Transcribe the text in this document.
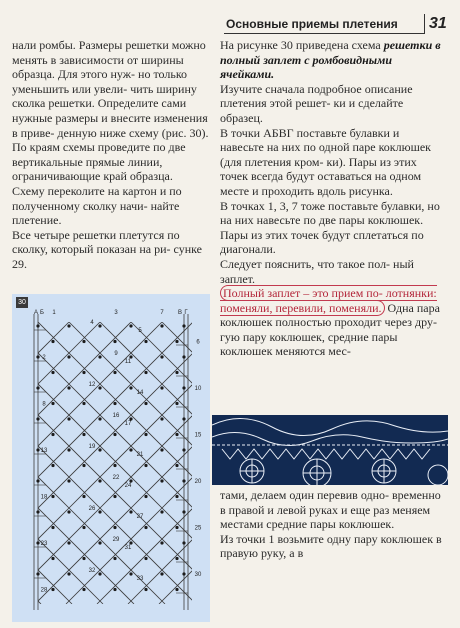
Основные приемы плетения	31

нали ромбы. Размеры решетки можно менять в зависимости от ширины образца. Для этого нуж- но только уменьшить или увели- чить ширину сколка решетки. Определите сами нужные размеры и внесите изменения в приве- денную ниже схему (рис. 30).

По краям схемы проведите по две вертикальные прямые линии, ограничивающие край образца.

Схему переколите на картон и по полученному сколку начи- найте плетение.

Все четыре решетки плетутся по сколку, который показан на ри- сунке 29.

На рисунке 30 приведена схема решетки в полный заплет с ромбовидными ячейками.

Изучите сначала подробное описание плетения этой решет- ки и сделайте образец.

В точки АБВГ поставьте булавки и навесьте на них по одной паре коклюшек (для плетения кром- ки). Пары из этих точек всегда будут оставаться на одном месте и проходить вдоль рисунка.

В точках 1, 3, 7 тоже поставьте булавки, но на них навесьте по две пары коклюшек. Пары из этих точек будут сплетаться по диагонали.

Следует пояснить, что такое пол- ный заплет.

Полный заплет – это прием по- лотнянки: поменяли, перевили, поменяли. Одна пара коклюшек полностью проходит через дру- гую пару коклюшек, средние пары коклюшек меняются мес-

4
5
6
2
9
11
10
12
14
8
16
17
15
13
19
21
20
22
24
18
26
27
25
23
29
31
30
32
33
28
А Б 1	3	7 В Г
30

тами, делаем один перевив одно- временно в правой и левой руках и еще раз меняем местами средние пары коклюшек.

Из точки 1 возьмите одну пару коклюшек в правую руку, а в
